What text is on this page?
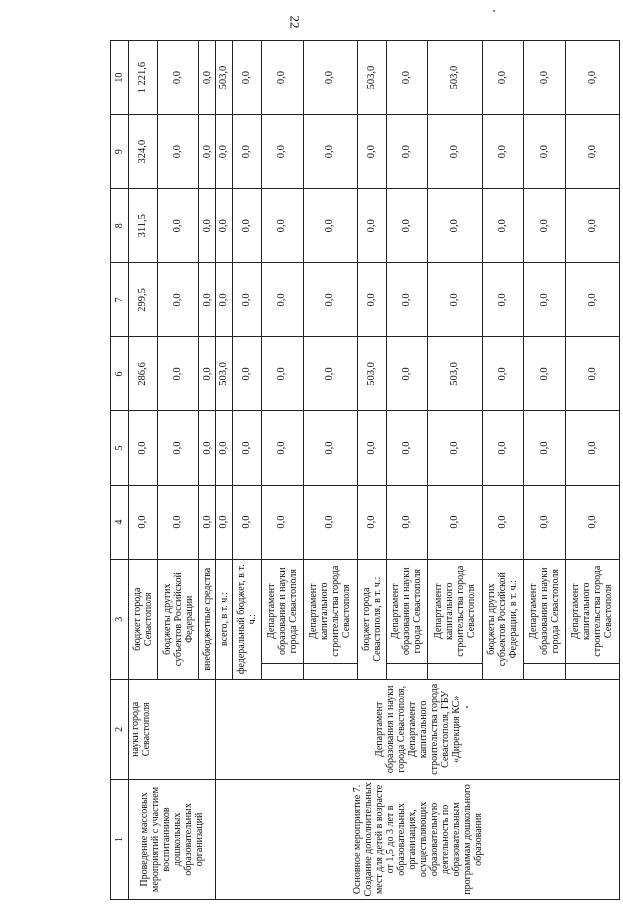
22
1	2	3		4	5	6	7	8	9	10
Проведение массовых мероприятий с участием воспитанников дошкольных образовательных организаций	науки города Севастополя	бюджет города Севастополя		0,0	0,0	286,6	299,5	311,5	324,0	1 221,6
		бюджеты других субъектов Российской Федерации		0,0	0,0	0,0	0,0	0,0	0,0	0,0
		внебюджетные средства		0,0	0,0	0,0	0,0	0,0	0,0	0,0
Основное мероприятие 7. Создание дополнительных мест для детей в возрасте от 1,5 до 3 лет в образовательных организациях, осуществляющих образовательную деятельность по образовательным программам дошкольного образования	Департамент образования и науки города Севастополя, Департамент капитального строительства города Севастополя, ГБУ «Дирекция КС»	всего, в т. ч.:		0,0	0,0	503,0	0,0	0,0	0,0	503,0
		федеральный бюджет, в т. ч.:		0,0	0,0	0,0	0,0	0,0	0,0	0,0
			Департамент образования и науки города Севастополя	0,0	0,0	0,0	0,0	0,0	0,0	0,0
			Департамент капитального строительства города Севастополя	0,0	0,0	0,0	0,0	0,0	0,0	0,0
		бюджет города Севастополя, в т. ч.:		0,0	0,0	503,0	0,0	0,0	0,0	503,0
			Департамент образования и науки города Севастополя	0,0	0,0	0,0	0,0	0,0	0,0	0,0
			Департамент капитального строительства города Севастополя	0,0	0,0	503,0	0,0	0,0	0,0	503,0
		бюджеты других субъектов Российской Федерации, в т. ч.:		0,0	0,0	0,0	0,0	0,0	0,0	0,0
			Департамент образования и науки города Севастополя	0,0	0,0	0,0	0,0	0,0	0,0	0,0
			Департамент капитального строительства города Севастополя	0,0	0,0	0,0	0,0	0,0	0,0	0,0
